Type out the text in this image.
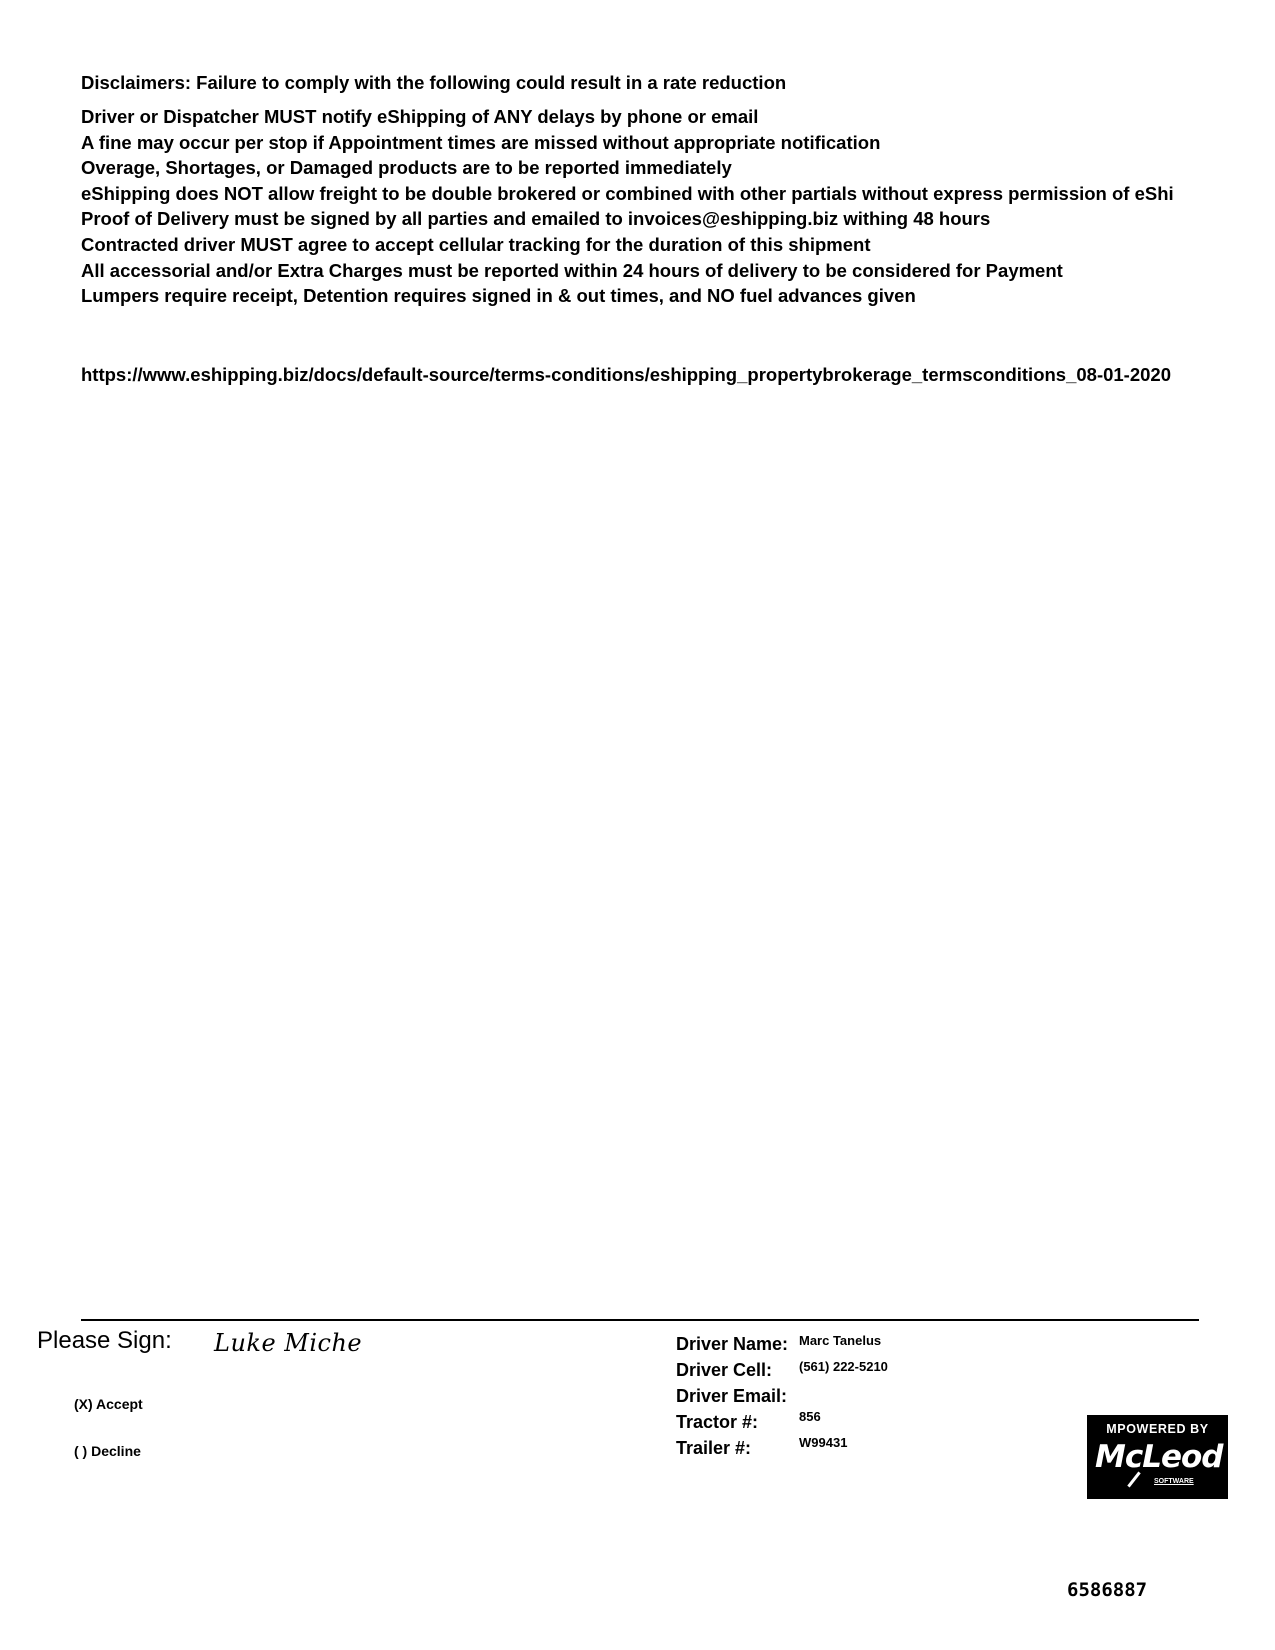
Disclaimers: Failure to comply with the following could result in a rate reduction
Driver or Dispatcher MUST notify eShipping of ANY delays by phone or email
A fine may occur per stop if Appointment times are missed without appropriate notification
Overage, Shortages, or Damaged products are to be reported immediately
eShipping does NOT allow freight to be double brokered or combined with other partials without express permission of eShi
Proof of Delivery must be signed by all parties and emailed to invoices@eshipping.biz withing 48 hours
Contracted driver MUST agree to accept cellular tracking for the duration of this shipment
All accessorial and/or Extra Charges must be reported within 24 hours of delivery to be considered for Payment
Lumpers require receipt, Detention requires signed in & out times, and NO fuel advances given
https://www.eshipping.biz/docs/default-source/terms-conditions/eshipping_propertybrokerage_termsconditions_08-01-2020
Please Sign: Luke Miche
(X) Accept
( ) Decline
Driver Name: Marc Tanelus
Driver Cell: (561) 222-5210
Driver Email:
Tractor #:	856
Trailer #:	W99431
MPOWERED BY
McLeod
SOFTWARE
6586887
